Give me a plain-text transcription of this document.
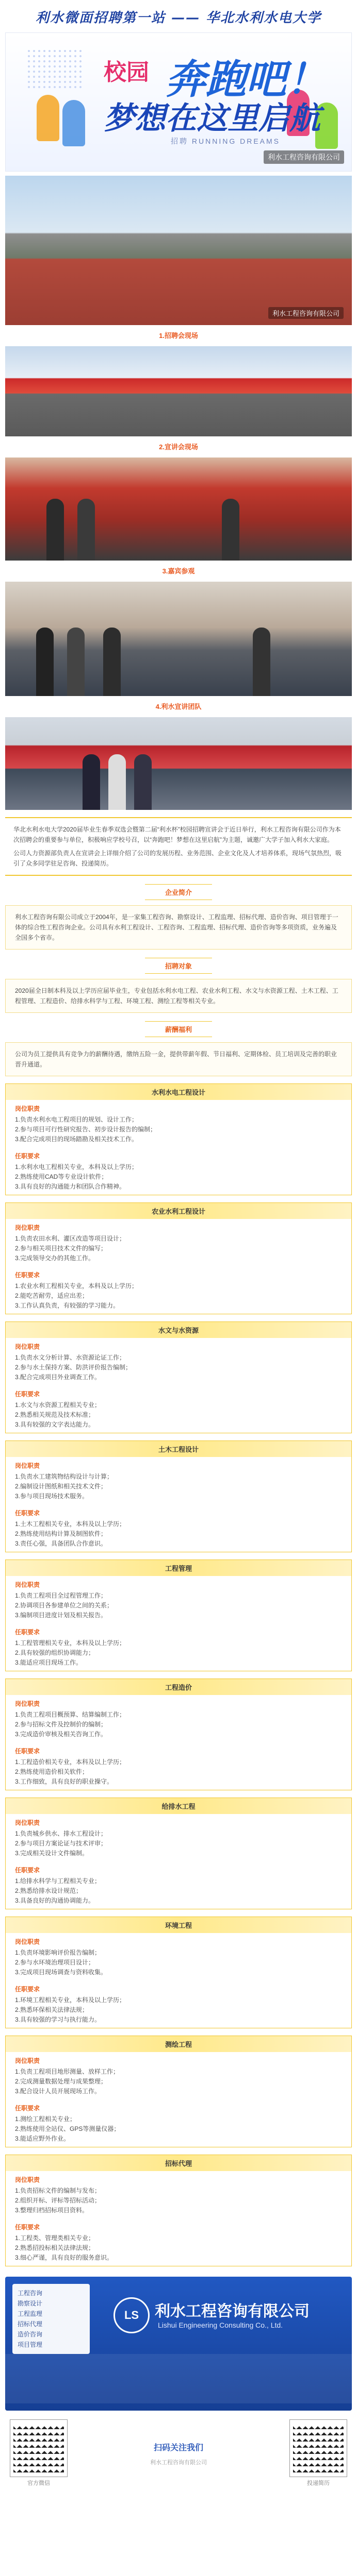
利水微面招聘第一站 —— 华北水利水电大学
校园 奔跑吧！
梦想在这里启航
招聘 RUNNING DREAMS
利水工程咨询有限公司
利水工程咨询有限公司
1.招聘会现场
2.宣讲会现场
3.嘉宾参观
4.利水宣讲团队

华北水利水电大学2020届毕业生春季双选会暨第二届“利水杯”校园招聘宣讲会于近日举行，利水工程咨询有限公司作为本次招聘会的重要参与单位，积极响应学校号召，以“奔跑吧！梦想在这里启航”为主题，诚邀广大学子加入利水大家庭。

公司人力资源部负责人在宣讲会上详细介绍了公司的发展历程、业务范围、企业文化及人才培养体系，现场气氛热烈，吸引了众多同学驻足咨询、投递简历。

企业简介
利水工程咨询有限公司成立于2004年，是一家集工程咨询、勘察设计、工程监理、招标代理、造价咨询、项目管理于一体的综合性工程咨询企业。公司具有水利工程设计、工程咨询、工程监理、招标代理、造价咨询等多项资质，业务遍及全国多个省市。
招聘对象
2020届全日制本科及以上学历应届毕业生，专业包括水利水电工程、农业水利工程、水文与水资源工程、土木工程、工程管理、工程造价、给排水科学与工程、环境工程、测绘工程等相关专业。
薪酬福利
公司为员工提供具有竞争力的薪酬待遇，缴纳五险一金，提供带薪年假、节日福利、定期体检、员工培训及完善的职业晋升通道。
水利水电工程设计
岗位职责
1.负责水利水电工程项目的规划、设计工作；
2.参与项目可行性研究报告、初步设计报告的编制；
3.配合完成项目的现场踏勘及相关技术工作。
任职要求
1.水利水电工程相关专业，本科及以上学历；
2.熟练使用CAD等专业设计软件；
3.具有良好的沟通能力和团队合作精神。
农业水利工程设计
岗位职责
1.负责农田水利、灌区改造等项目设计；
2.参与相关项目技术文件的编写；
3.完成领导交办的其他工作。
任职要求
1.农业水利工程相关专业，本科及以上学历；
2.能吃苦耐劳，适应出差；
3.工作认真负责，有较强的学习能力。
水文与水资源
岗位职责
1.负责水文分析计算、水资源论证工作；
2.参与水土保持方案、防洪评价报告编制；
3.配合完成项目外业调查工作。
任职要求
1.水文与水资源工程相关专业；
2.熟悉相关规范及技术标准；
3.具有较强的文字表达能力。
土木工程设计
岗位职责
1.负责水工建筑物结构设计与计算；
2.编制设计图纸和相关技术文件；
3.参与项目现场技术服务。
任职要求
1.土木工程相关专业，本科及以上学历；
2.熟练使用结构计算及制图软件；
3.责任心强，具备团队合作意识。
工程管理
岗位职责
1.负责工程项目全过程管理工作；
2.协调项目各参建单位之间的关系；
3.编制项目进度计划及相关报告。
任职要求
1.工程管理相关专业，本科及以上学历；
2.具有较强的组织协调能力；
3.能适应项目现场工作。
工程造价
岗位职责
1.负责工程项目概预算、结算编制工作；
2.参与招标文件及控制价的编制；
3.完成造价审核及相关咨询工作。
任职要求
1.工程造价相关专业，本科及以上学历；
2.熟练使用造价相关软件；
3.工作细致，具有良好的职业操守。
给排水工程
岗位职责
1.负责城乡供水、排水工程设计；
2.参与项目方案论证与技术评审；
3.完成相关设计文件编制。
任职要求
1.给排水科学与工程相关专业；
2.熟悉给排水设计规范；
3.具备良好的沟通协调能力。
环境工程
岗位职责
1.负责环境影响评价报告编制；
2.参与水环境治理项目设计；
3.完成项目现场调查与资料收集。
任职要求
1.环境工程相关专业，本科及以上学历；
2.熟悉环保相关法律法规；
3.具有较强的学习与执行能力。
测绘工程
岗位职责
1.负责工程项目地形测量、放样工作；
2.完成测量数据处理与成果整理；
3.配合设计人员开展现场工作。
任职要求
1.测绘工程相关专业；
2.熟练使用全站仪、GPS等测量仪器；
3.能适应野外作业。
招标代理
岗位职责
1.负责招标文件的编制与发布；
2.组织开标、评标等招标活动；
3.整理归档招标项目资料。
任职要求
1.工程类、管理类相关专业；
2.熟悉招投标相关法律法规；
3.细心严谨，具有良好的服务意识。
工程咨询
勘察设计
工程监理
招标代理
造价咨询
项目管理
LS	利水工程咨询有限公司
Lishui Engineering Consulting Co., Ltd.
官方微信
扫码关注我们
利水工程咨询有限公司
投递简历
